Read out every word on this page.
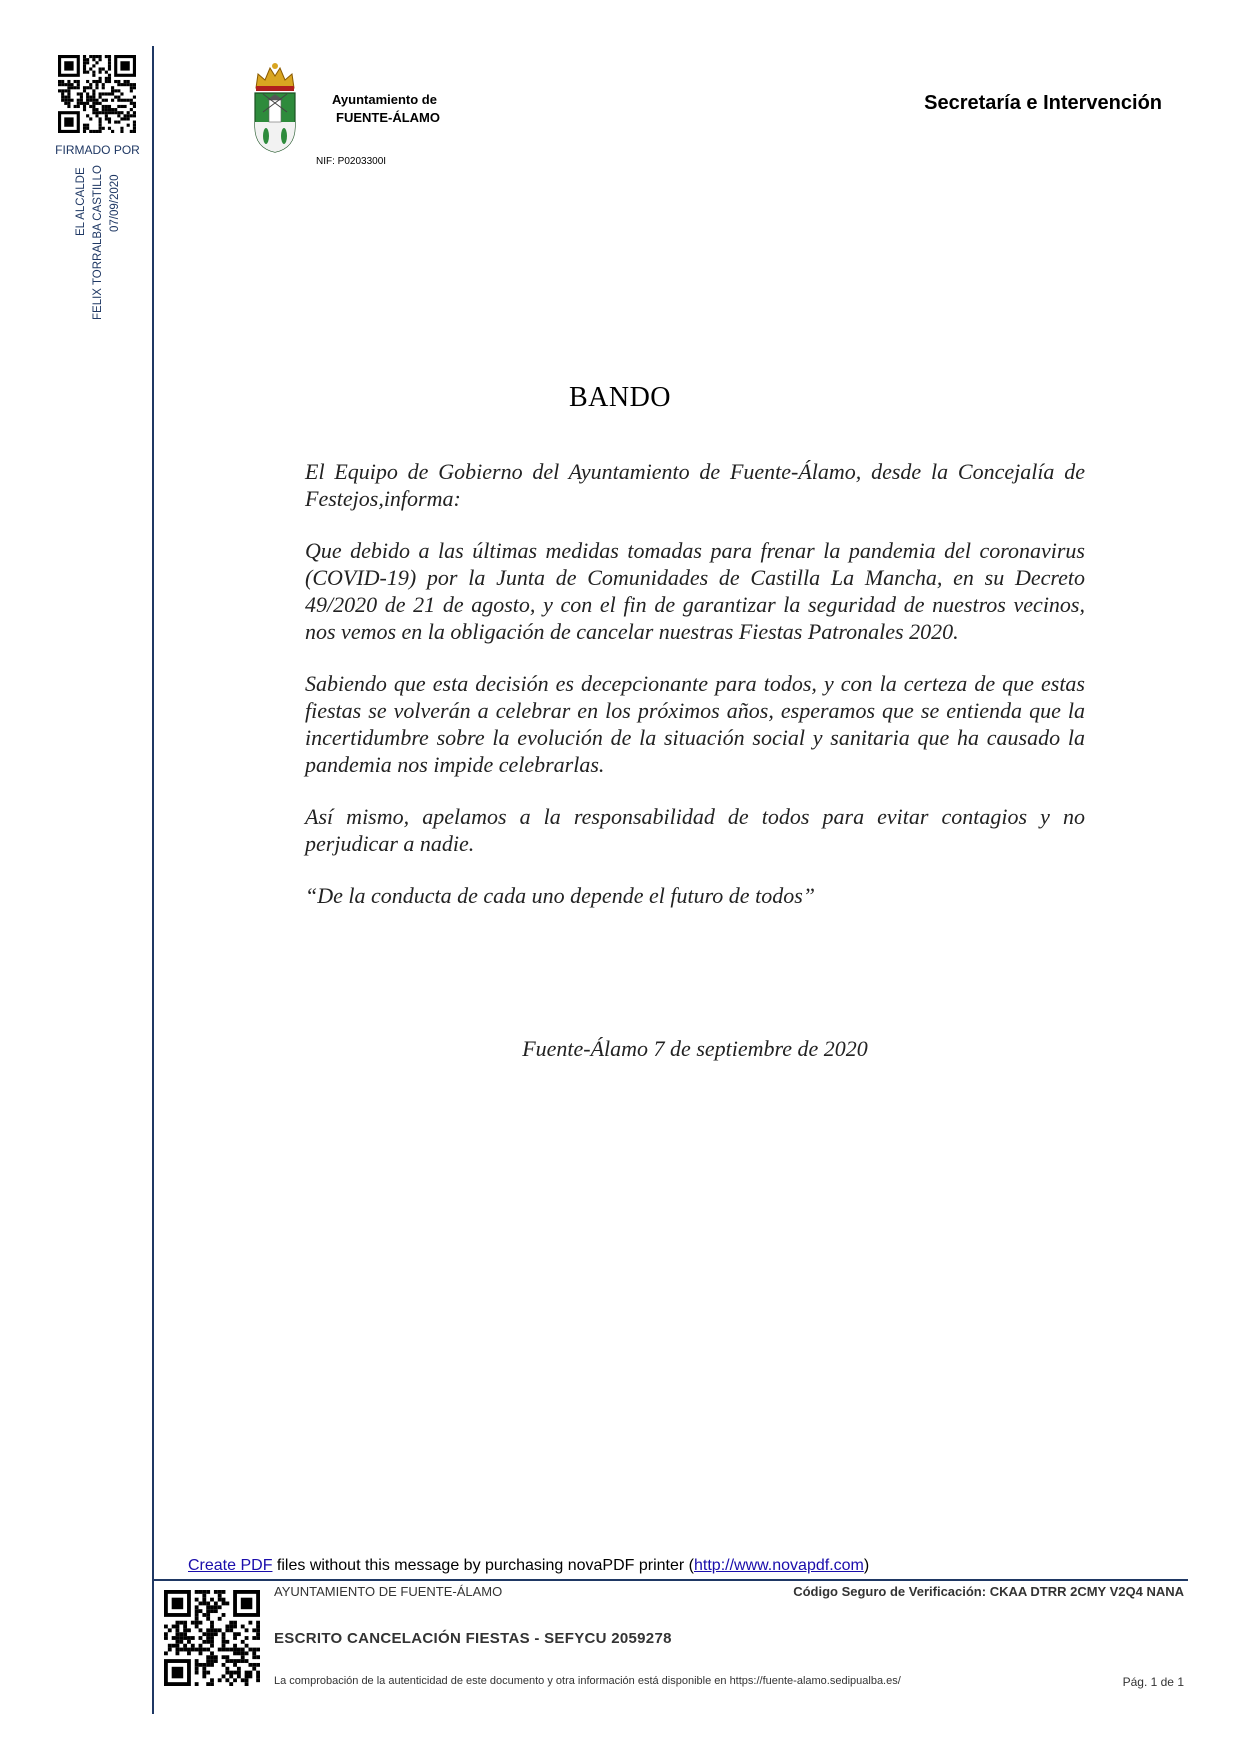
FIRMADO POR
EL ALCALDE FELIX TORRALBA CASTILLO 07/09/2020
Ayuntamiento de
FUENTE-ÁLAMO
NIF: P0203300I
Secretaría e Intervención
BANDO

El Equipo de Gobierno del Ayuntamiento de Fuente-Álamo, desde la Concejalía de Festejos,informa:

Que debido a las últimas medidas tomadas para frenar la pandemia del coronavirus (COVID-19) por la Junta de Comunidades de Castilla La Mancha, en su Decreto 49/2020 de 21 de agosto, y con el fin de garantizar la seguridad de nuestros vecinos, nos vemos en la obligación de cancelar nuestras Fiestas Patronales 2020.

Sabiendo que esta decisión es decepcionante para todos, y con la certeza de que estas fiestas se volverán a celebrar en los próximos años, esperamos que se entienda que la incertidumbre sobre la evolución de la situación social y sanitaria que ha causado la pandemia nos impide celebrarlas.

Así mismo, apelamos a la responsabilidad de todos para evitar contagios y no perjudicar a nadie.

“De la conducta de cada uno depende el futuro de todos”

Fuente-Álamo 7 de septiembre de 2020
Create PDF files without this message by purchasing novaPDF printer (http://www.novapdf.com)
AYUNTAMIENTO DE FUENTE-ÁLAMO	Código Seguro de Verificación: CKAA DTRR 2CMY V2Q4 NANA
ESCRITO CANCELACIÓN FIESTAS - SEFYCU 2059278
La comprobación de la autenticidad de este documento y otra información está disponible en https://fuente-alamo.sedipualba.es/	Pág. 1 de 1
